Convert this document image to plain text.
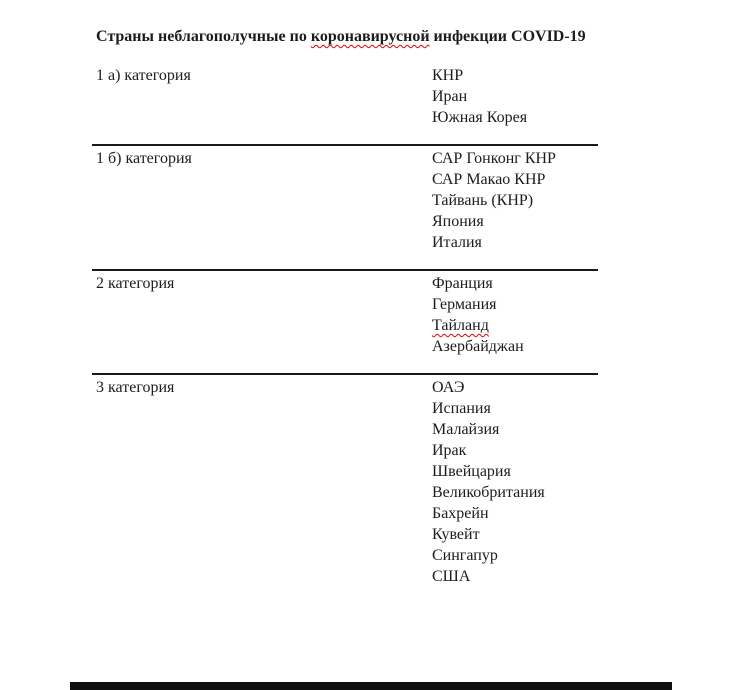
Страны неблагополучные по коронавирусной инфекции COVID-19
1 а) категория	КНР
Иран
Южная Корея
1 б) категория	САР Гонконг КНР
САР Макао КНР
Тайвань (КНР)
Япония
Италия
2 категория	Франция
Германия
Тайланд
Азербайджан
3 категория	ОАЭ
Испания
Малайзия
Ирак
Швейцария
Великобритания
Бахрейн
Кувейт
Сингапур
США
